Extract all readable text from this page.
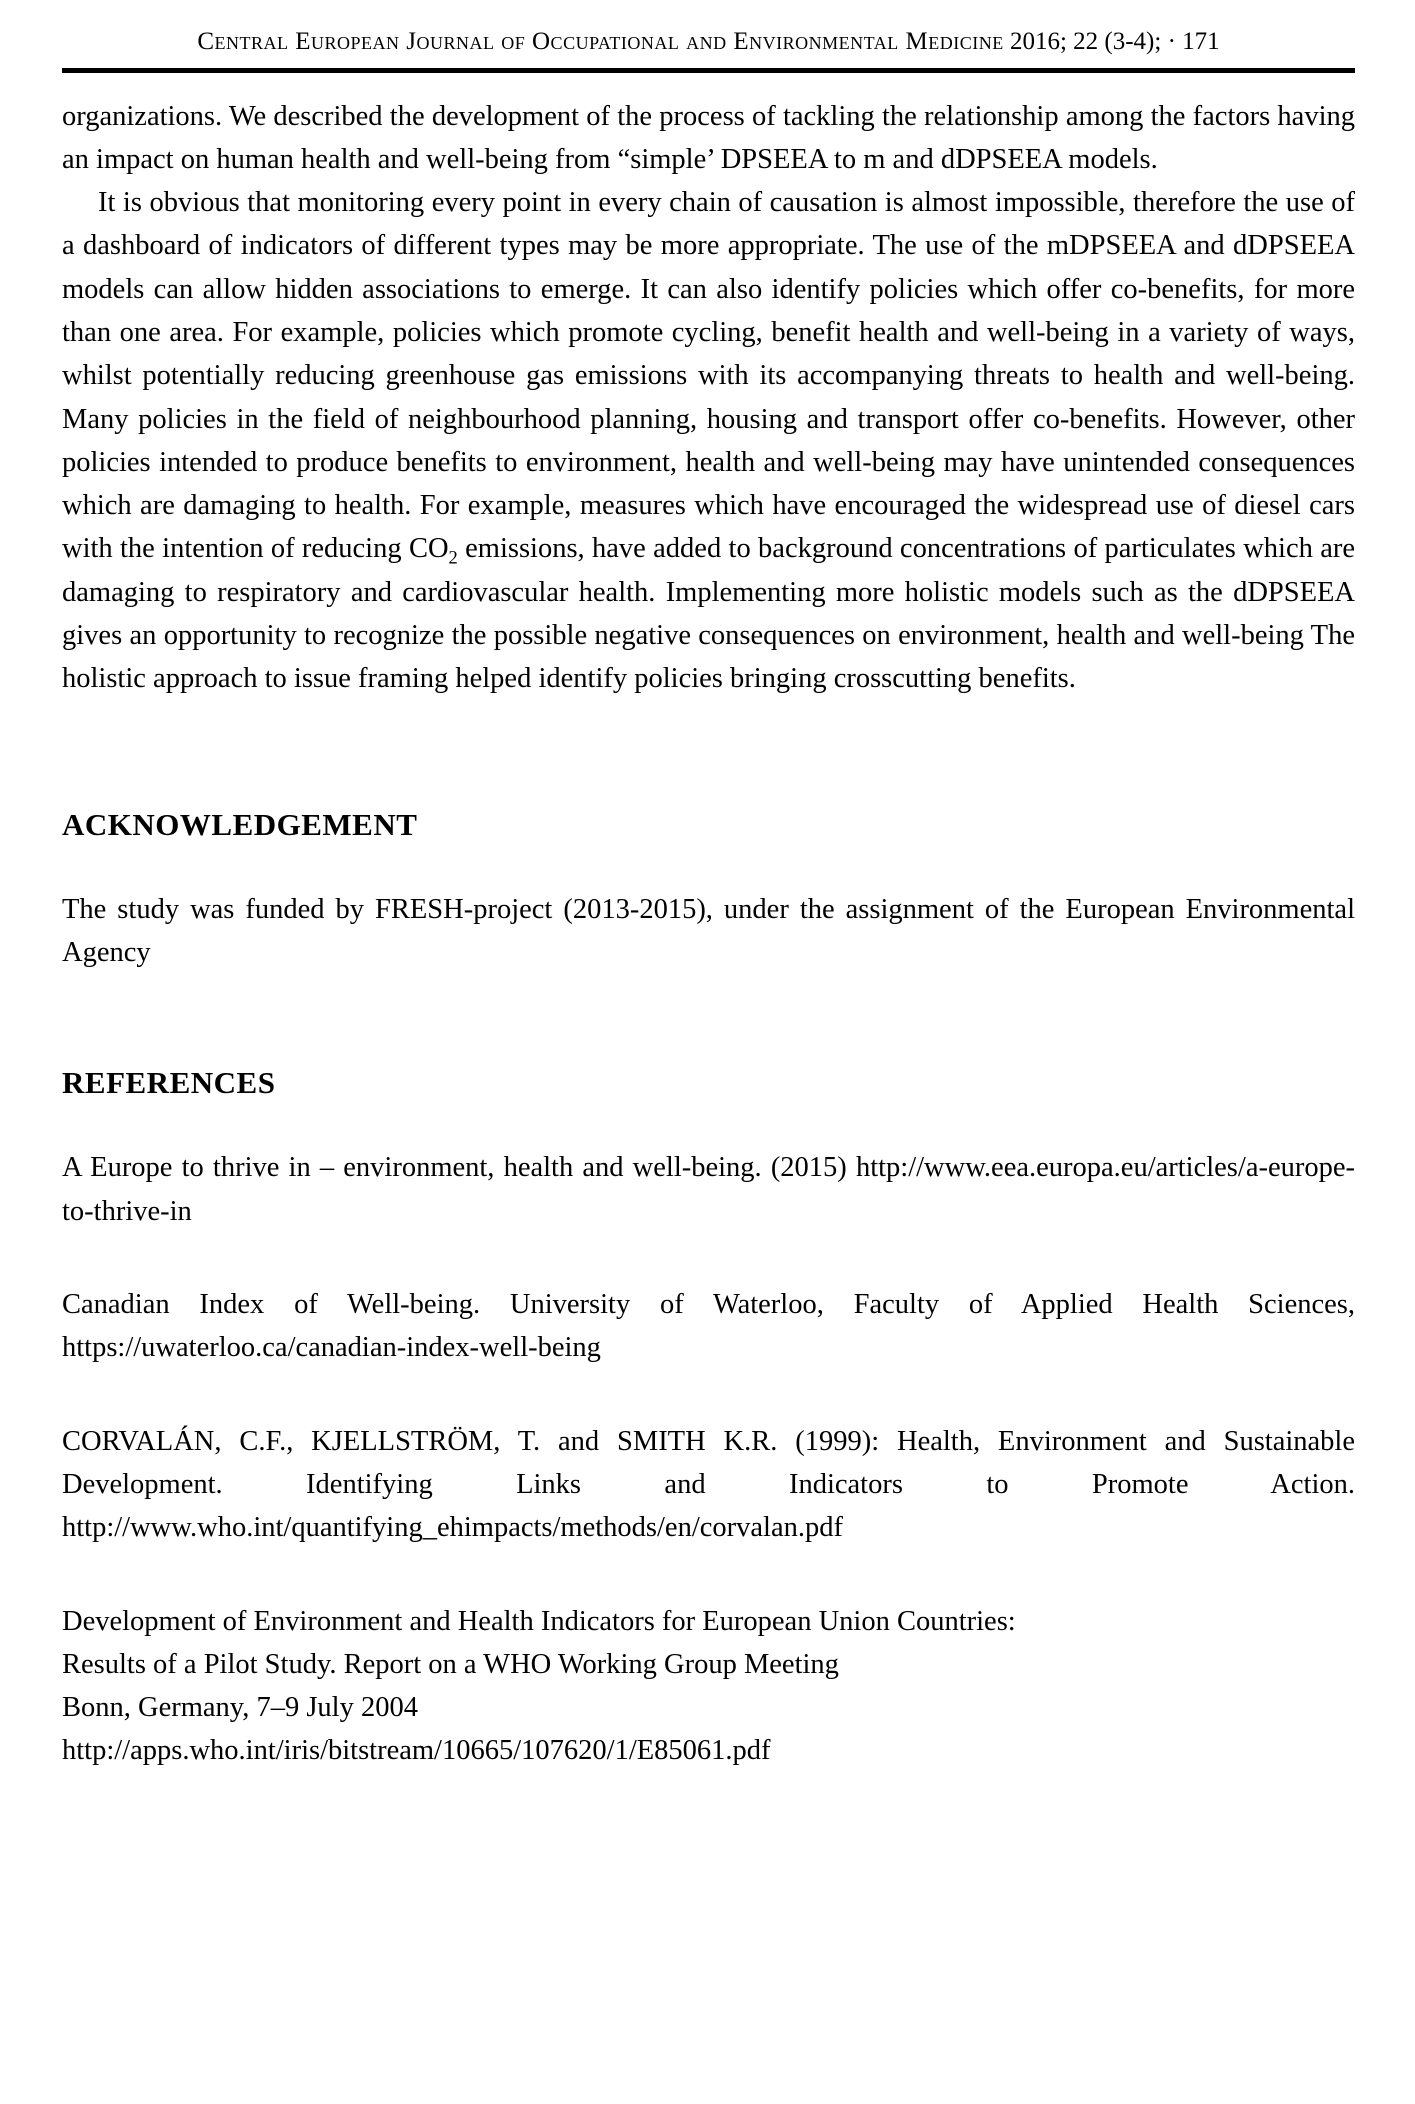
Central European Journal of Occupational and Environmental Medicine 2016; 22 (3-4); · 171

organizations. We described the development of the process of tackling the relationship among the factors having an impact on human health and well-being from “simple’ DPSEEA to m and dDPSEEA models.

It is obvious that monitoring every point in every chain of causation is almost impossible, therefore the use of a dashboard of indicators of different types may be more appropriate. The use of the mDPSEEA and dDPSEEA models can allow hidden associations to emerge. It can also identify policies which offer co-benefits, for more than one area. For example, policies which promote cycling, benefit health and well-being in a variety of ways, whilst potentially reducing greenhouse gas emissions with its accompanying threats to health and well-being. Many policies in the field of neighbourhood planning, housing and transport offer co-benefits. However, other policies intended to produce benefits to environment, health and well-being may have unintended consequences which are damaging to health. For example, measures which have encouraged the widespread use of diesel cars with the intention of reducing $CO_2$ emissions, have added to background concentrations of particulates which are damaging to respiratory and cardiovascular health. Implementing more holistic models such as the dDPSEEA gives an opportunity to recognize the possible negative consequences on environment, health and well-being The holistic approach to issue framing helped identify policies bringing crosscutting benefits.

ACKNOWLEDGEMENT

The study was funded by FRESH-project (2013-2015), under the assignment of the European Environmental Agency

REFERENCES

A Europe to thrive in – environment, health and well-being. (2015) http://www.eea.europa.eu/articles/a-europe-to-thrive-in

Canadian Index of Well-being. University of Waterloo, Faculty of Applied Health Sciences, https://uwaterloo.ca/canadian-index-well-being

CORVALÁN, C.F., KJELLSTRÖM, T. and SMITH K.R. (1999): Health, Environment and Sustainable Development. Identifying Links and Indicators to Promote Action. http://www.who.int/quantifying_ehimpacts/methods/en/corvalan.pdf

Development of Environment and Health Indicators for European Union Countries:
Results of a Pilot Study. Report on a WHO Working Group Meeting
Bonn, Germany, 7–9 July 2004
http://apps.who.int/iris/bitstream/10665/107620/1/E85061.pdf
